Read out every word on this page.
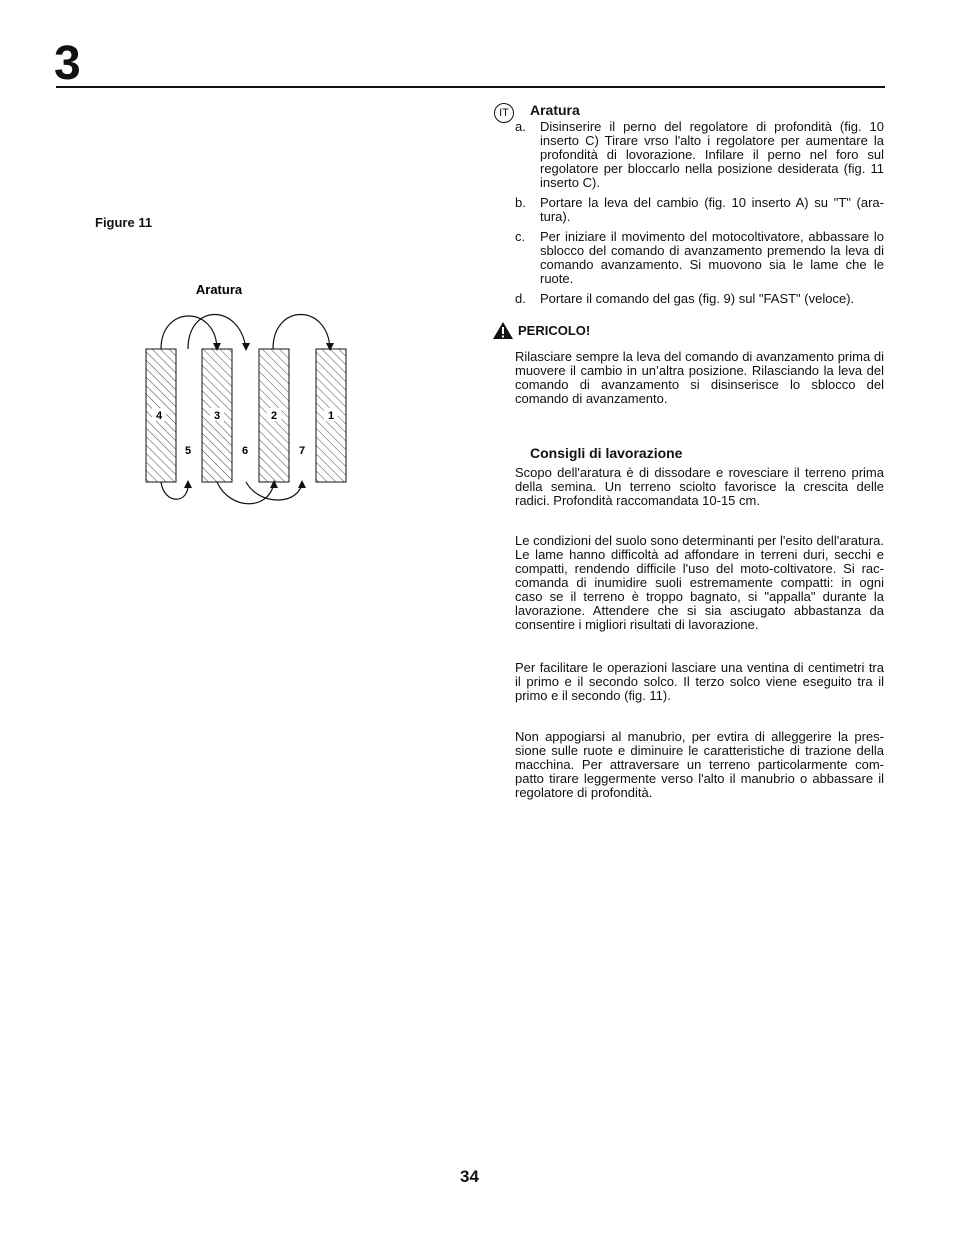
3
Figure 11
Aratura
4	3	2	1
5	6	7
IT	Aratura
a. Disinserire il perno del regolatore di profondità (fig. 10 inserto C) Tirare vrso l'alto i regolatore per aumentare la profondità di lovorazione. Infilare il perno nel foro sul regolatore per bloccarlo nella posizione desiderata (fig. 11 inserto C).
b. Portare la leva del cambio (fig. 10 inserto A) su "T" (ara-tura).
c. Per iniziare il movimento del motocoltivatore, abbassare lo sblocco del comando di avanzamento premendo la leva di comando avanzamento. Si muovono sia le lame che le ruote.
d. Portare il comando del gas (fig. 9) sul "FAST" (veloce).
PERICOLO!
Rilasciare sempre la leva del comando di avanzamento prima di muovere il cambio in un’altra posizione. Rilasciando la leva del comando di avanzamento si disinserisce lo sblocco del comando di avanzamento.
Consigli di lavorazione
Scopo dell'aratura è di dissodare e rovesciare il terreno prima della semina. Un terreno sciolto favorisce la crescita delle radici. Profondità raccomandata 10-15 cm.
Le condizioni del suolo sono determinanti per l'esito dell'aratura. Le lame hanno difficoltà ad affondare in terreni duri, secchi e compatti, rendendo difficile l'uso del moto-coltivatore. Si rac-comanda di inumidire suoli estremamente compatti: in ogni caso se il terreno è troppo bagnato, si "appalla" durante la lavorazione. Attendere che si sia asciugato abbastanza da consentire i migliori risultati di lavorazione.
Per facilitare le operazioni lasciare una ventina di centimetri tra il primo e il secondo solco. Il terzo solco viene eseguito tra il primo e il secondo (fig. 11).
Non appogiarsi al manubrio, per evtira di alleggerire la pres-sione sulle ruote e diminuire le caratteristiche di trazione della macchina. Per attraversare un terreno particolarmente com-patto tirare leggermente verso l'alto il manubrio o abbassare il regolatore di profondità.
34
